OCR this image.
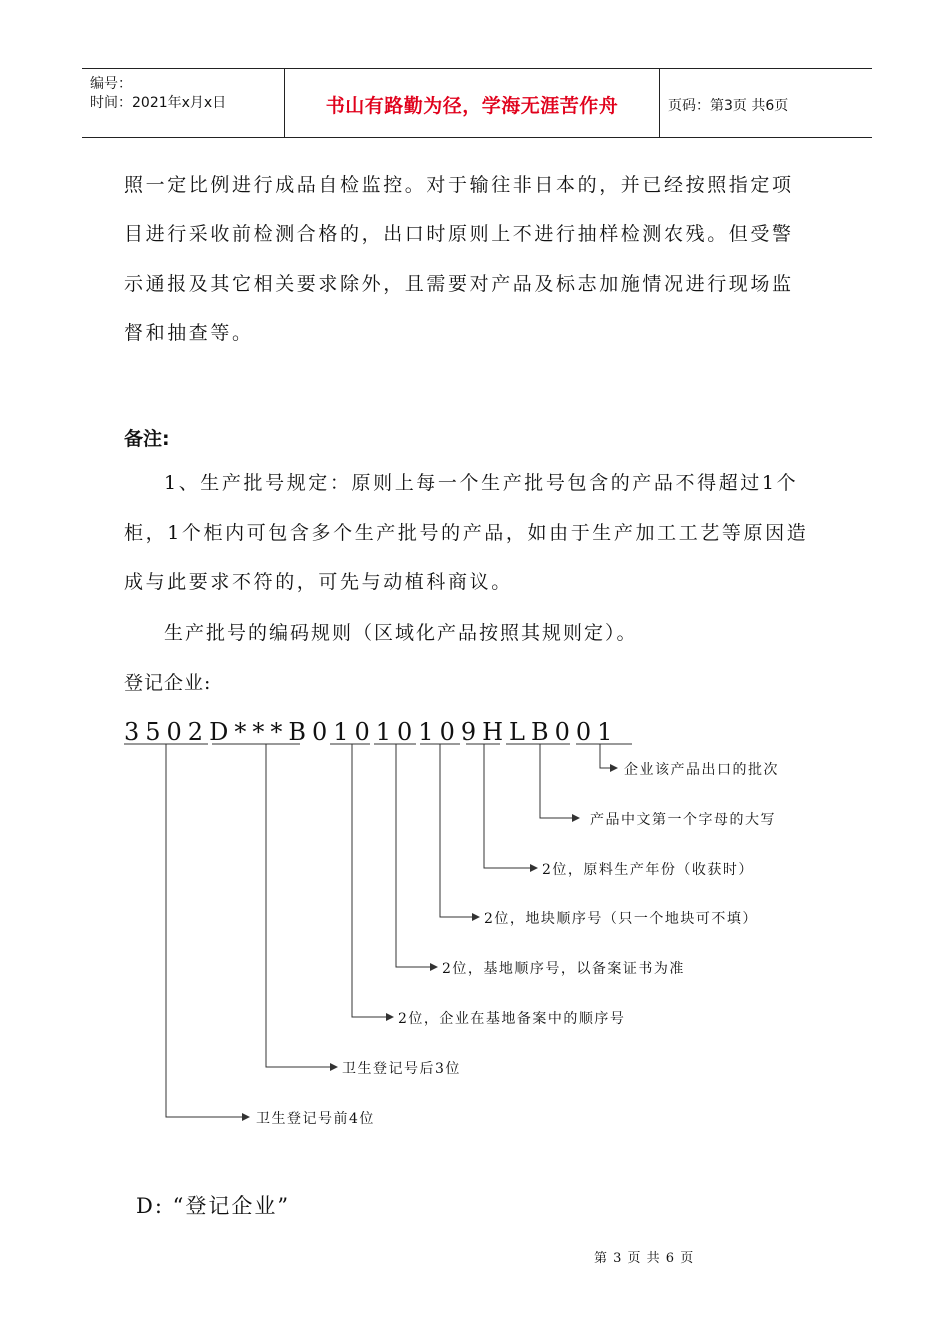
编号：
时间：2021年x月x日	书山有路勤为径，学海无涯苦作舟	页码：第3页 共6页
照一定比例进行成品自检监控。对于输往非日本的，并已经按照指定项
目进行采收前检测合格的，出口时原则上不进行抽样检测农残。但受警
示通报及其它相关要求除外，且需要对产品及标志加施情况进行现场监
督和抽查等。
备注:
1、生产批号规定：原则上每一个生产批号包含的产品不得超过1个
柜，1个柜内可包含多个生产批号的产品，如由于生产加工工艺等原因造
成与此要求不符的，可先与动植科商议。
生产批号的编码规则（区域化产品按照其规则定）。
登记企业:
3502D***B01010109HLB001
企业该产品出口的批次
产品中文第一个字母的大写
2位，原料生产年份（收获时）
2位，地块顺序号（只一个地块可不填）
2位，基地顺序号，以备案证书为准
2位，企业在基地备案中的顺序号
卫生登记号后3位
卫生登记号前4位
D: “登记企业”
第 3 页 共 6 页
